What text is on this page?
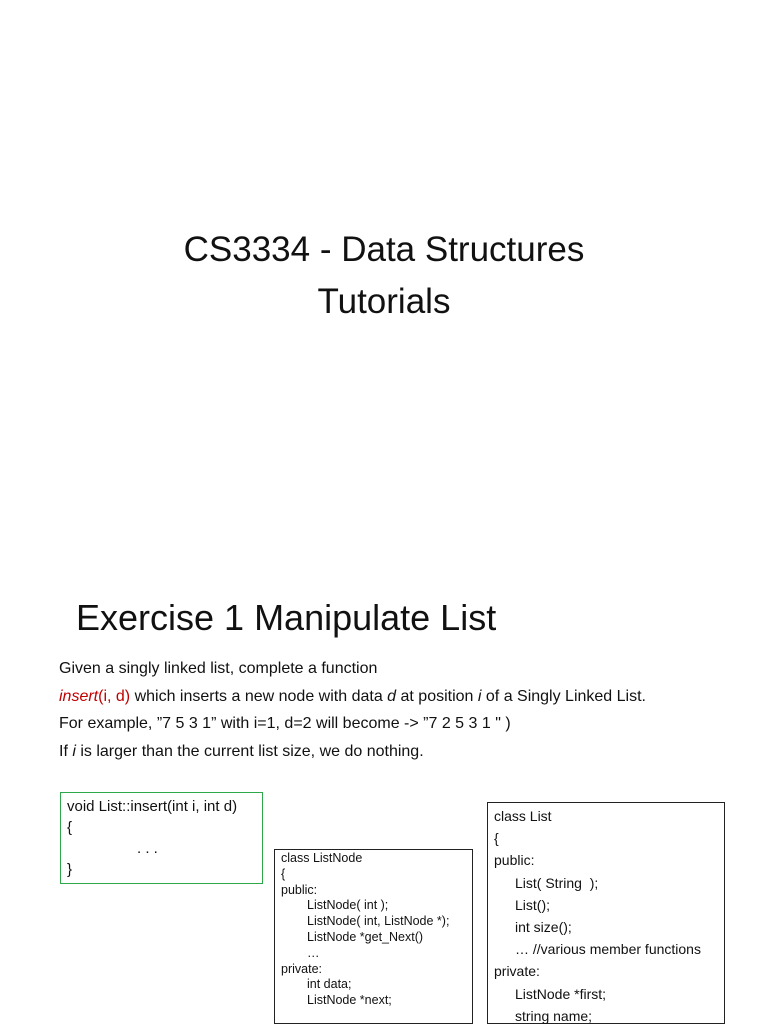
CS3334 - Data Structures
Tutorials
Exercise 1 Manipulate List

Given a singly linked list, complete a function

insert(i, d) which inserts a new node with data d at position i of a Singly Linked List.

For example, ”7 5 3 1” with i=1, d=2 will become -> ”7 2 5 3 1 " )

If i is larger than the current list size, we do nothing.

void List::insert(int i, int d)
{
. . .
}
class ListNode
{
public:
ListNode( int );
ListNode( int, ListNode *);
ListNode *get_Next()
…
private:
int data;
ListNode *next;
class List
{
public:
List( String  );
List();
int size();
… //various member functions
private:
ListNode *first;
string name;
